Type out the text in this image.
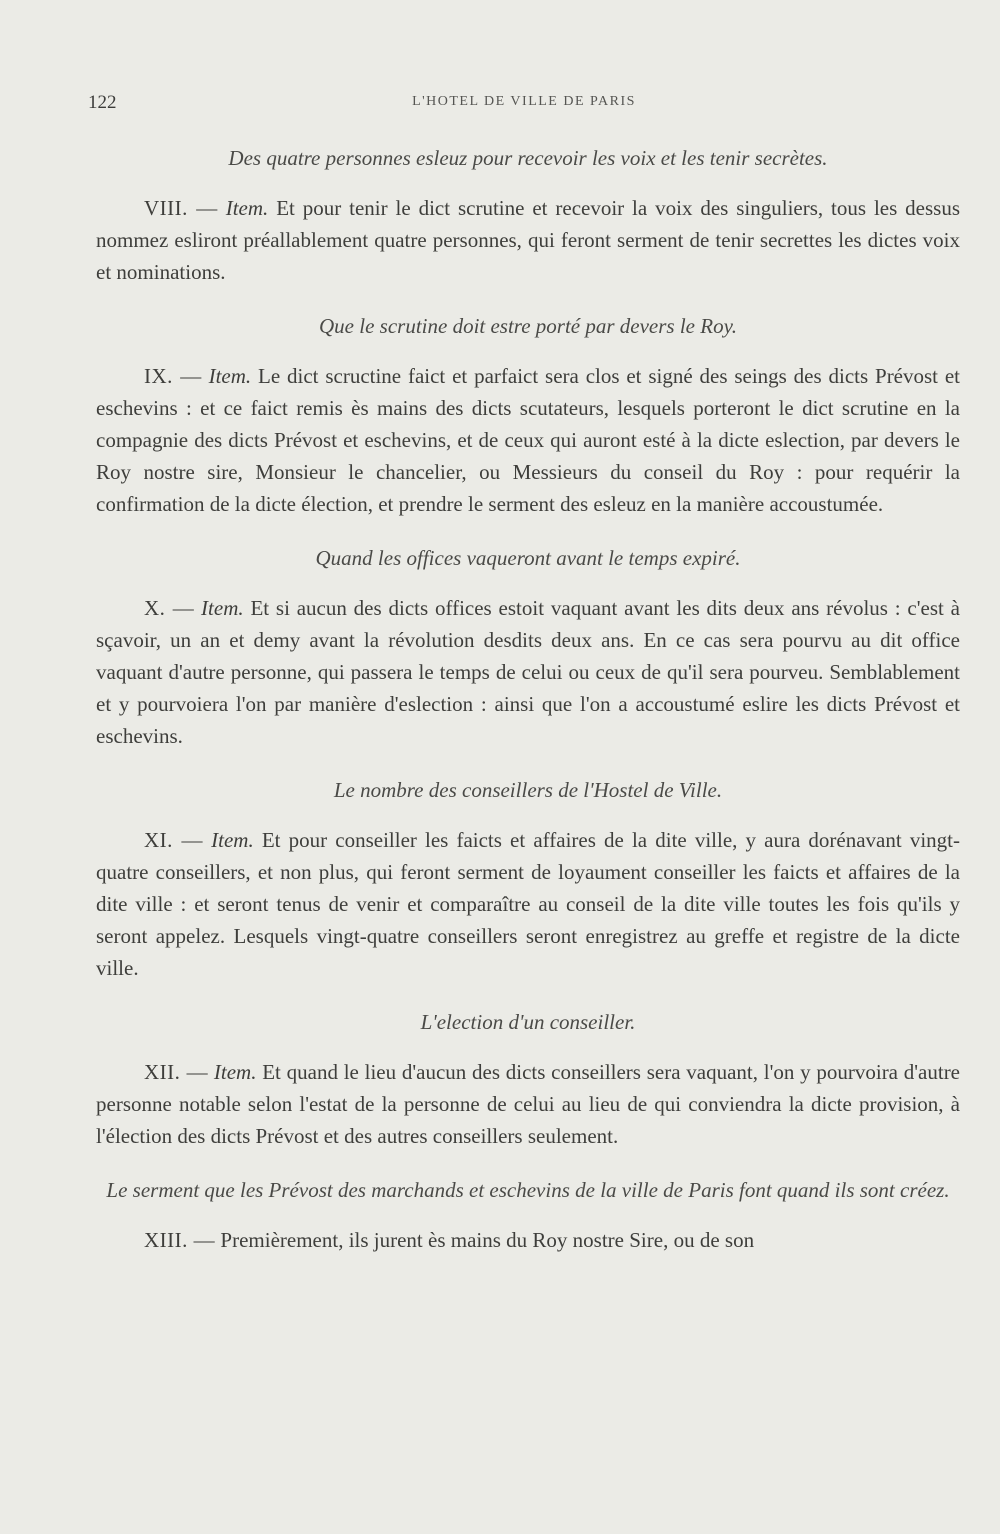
122	L'HOTEL DE VILLE DE PARIS

Des quatre personnes esleuz pour recevoir les voix et les tenir secrètes.

VIII. — Item. Et pour tenir le dict scrutine et recevoir la voix des singuliers, tous les dessus nommez esliront préallablement quatre personnes, qui feront serment de tenir secrettes les dictes voix et nominations.

Que le scrutine doit estre porté par devers le Roy.

IX. — Item. Le dict scructine faict et parfaict sera clos et signé des seings des dicts Prévost et eschevins : et ce faict remis ès mains des dicts scutateurs, lesquels porteront le dict scrutine en la compagnie des dicts Prévost et eschevins, et de ceux qui auront esté à la dicte eslection, par devers le Roy nostre sire, Monsieur le chancelier, ou Messieurs du conseil du Roy : pour requérir la confirmation de la dicte élection, et prendre le serment des esleuz en la manière accoustumée.

Quand les offices vaqueront avant le temps expiré.

X. — Item. Et si aucun des dicts offices estoit vaquant avant les dits deux ans révolus : c'est à sçavoir, un an et demy avant la révolution desdits deux ans. En ce cas sera pourvu au dit office vaquant d'autre personne, qui passera le temps de celui ou ceux de qu'il sera pourveu. Semblablement et y pourvoiera l'on par manière d'eslection : ainsi que l'on a accoustumé eslire les dicts Prévost et eschevins.

Le nombre des conseillers de l'Hostel de Ville.

XI. — Item. Et pour conseiller les faicts et affaires de la dite ville, y aura dorénavant vingt-quatre conseillers, et non plus, qui feront serment de loyaument conseiller les faicts et affaires de la dite ville : et seront tenus de venir et comparaître au conseil de la dite ville toutes les fois qu'ils y seront appelez. Lesquels vingt-quatre conseillers seront enregistrez au greffe et registre de la dicte ville.

L'election d'un conseiller.

XII. — Item. Et quand le lieu d'aucun des dicts conseillers sera vaquant, l'on y pourvoira d'autre personne notable selon l'estat de la personne de celui au lieu de qui conviendra la dicte provision, à l'élection des dicts Prévost et des autres conseillers seulement.

Le serment que les Prévost des marchands et eschevins de la ville de Paris font quand ils sont créez.

XIII. — Premièrement, ils jurent ès mains du Roy nostre Sire, ou de son
